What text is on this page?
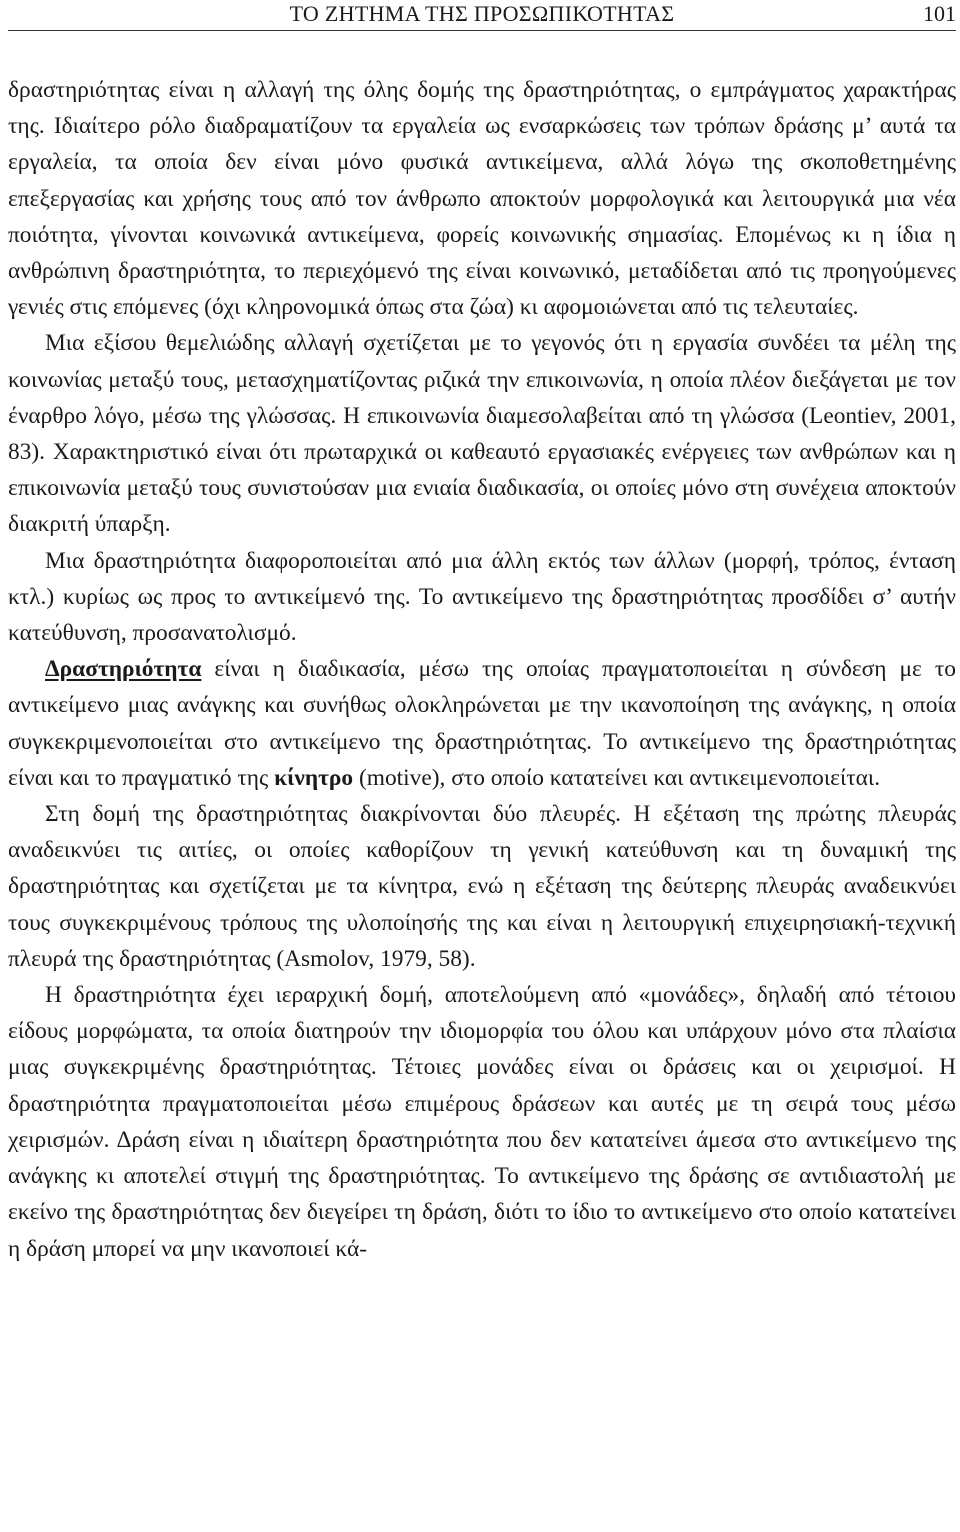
ΤΟ ΖΗΤΗΜΑ ΤΗΣ ΠΡΟΣΩΠΙΚΟΤΗΤΑΣ	101

δραστηριότητας είναι η αλλαγή της όλης δομής της δραστηριότητας, ο εμπράγματος χαρακτήρας της. Ιδιαίτερο ρόλο διαδραματίζουν τα εργαλεία ως ενσαρκώσεις των τρόπων δράσης μ’ αυτά τα εργαλεία, τα οποία δεν είναι μόνο φυσικά αντικείμενα, αλλά λόγω της σκοποθετημένης επεξεργασίας και χρήσης τους από τον άνθρωπο αποκτούν μορφολογικά και λειτουργικά μια νέα ποιότητα, γίνονται κοινωνικά αντικείμενα, φορείς κοινωνικής σημασίας. Επομένως κι η ίδια η ανθρώπινη δραστηριότητα, το περιεχόμενό της είναι κοινωνικό, μεταδίδεται από τις προηγούμενες γενιές στις επόμενες (όχι κληρονομικά όπως στα ζώα) κι αφομοιώνεται από τις τελευταίες.

Μια εξίσου θεμελιώδης αλλαγή σχετίζεται με το γεγονός ότι η εργασία συνδέει τα μέλη της κοινωνίας μεταξύ τους, μετασχηματίζοντας ριζικά την επικοινωνία, η οποία πλέον διεξάγεται με τον έναρθρο λόγο, μέσω της γλώσσας. Η επικοινωνία διαμεσολαβείται από τη γλώσσα (Leontiev, 2001, 83). Χαρακτηριστικό είναι ότι πρωταρχικά οι καθεαυτό εργασιακές ενέργειες των ανθρώπων και η επικοινωνία μεταξύ τους συνιστούσαν μια ενιαία διαδικασία, οι οποίες μόνο στη συνέχεια αποκτούν διακριτή ύπαρξη.

Μια δραστηριότητα διαφοροποιείται από μια άλλη εκτός των άλλων (μορφή, τρόπος, ένταση κτλ.) κυρίως ως προς το αντικείμενό της. Το αντικείμενο της δραστηριότητας προσδίδει σ’ αυτήν κατεύθυνση, προσανατολισμό.

Δραστηριότητα είναι η διαδικασία, μέσω της οποίας πραγματοποιείται η σύνδεση με το αντικείμενο μιας ανάγκης και συνήθως ολοκληρώνεται με την ικανοποίηση της ανάγκης, η οποία συγκεκριμενοποιείται στο αντικείμενο της δραστηριότητας. Το αντικείμενο της δραστηριότητας είναι και το πραγματικό της κίνητρο (motive), στο οποίο κατατείνει και αντικειμενοποιείται.

Στη δομή της δραστηριότητας διακρίνονται δύο πλευρές. Η εξέταση της πρώτης πλευράς αναδεικνύει τις αιτίες, οι οποίες καθορίζουν τη γενική κατεύθυνση και τη δυναμική της δραστηριότητας και σχετίζεται με τα κίνητρα, ενώ η εξέταση της δεύτερης πλευράς αναδεικνύει τους συγκεκριμένους τρόπους της υλοποίησής της και είναι η λειτουργική επιχειρησιακή-τεχνική πλευρά της δραστηριότητας (Asmolov, 1979, 58).

Η δραστηριότητα έχει ιεραρχική δομή, αποτελούμενη από «μονάδες», δηλαδή από τέτοιου είδους μορφώματα, τα οποία διατηρούν την ιδιομορφία του όλου και υπάρχουν μόνο στα πλαίσια μιας συγκεκριμένης δραστηριότητας. Τέτοιες μονάδες είναι οι δράσεις και οι χειρισμοί. Η δραστηριότητα πραγματοποιείται μέσω επιμέρους δράσεων και αυτές με τη σειρά τους μέσω χειρισμών. Δράση είναι η ιδιαίτερη δραστηριότητα που δεν κατατείνει άμεσα στο αντικείμενο της ανάγκης κι αποτελεί στιγμή της δραστηριότητας. Το αντικείμενο της δράσης σε αντιδιαστολή με εκείνο της δραστηριότητας δεν διεγείρει τη δράση, διότι το ίδιο το αντικείμενο στο οποίο κατατείνει η δράση μπορεί να μην ικανοποιεί κά-
